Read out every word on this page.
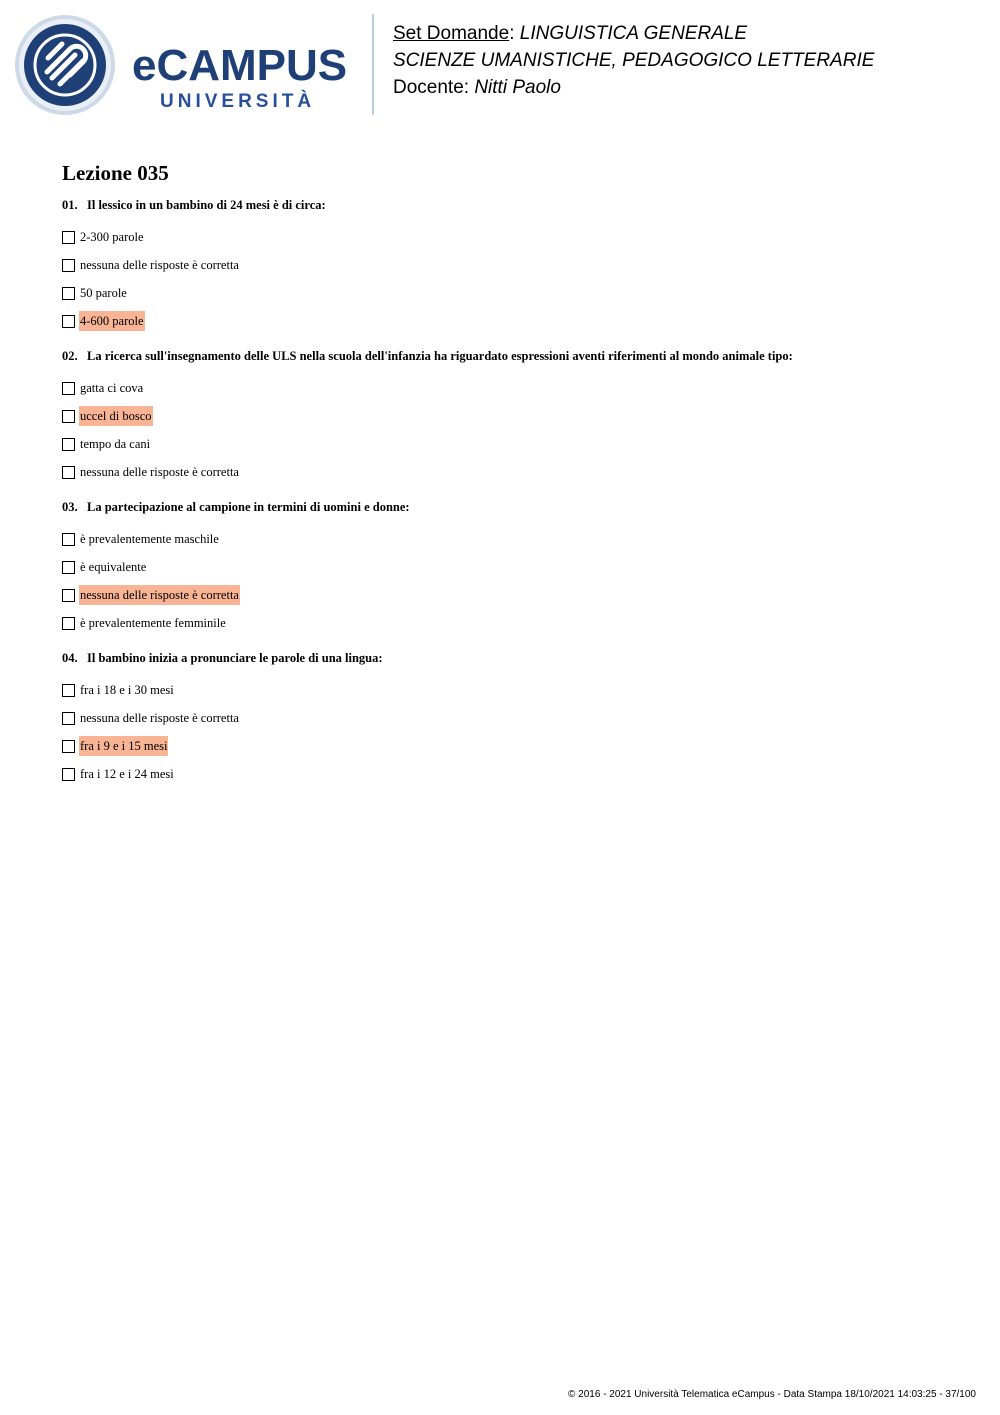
eCAMPUS
UNIVERSITÀ
Set Domande: LINGUISTICA GENERALE
SCIENZE UMANISTICHE, PEDAGOGICO LETTERARIE
Docente: Nitti Paolo
Lezione 035
01. Il lessico in un bambino di 24 mesi è di circa:
2-300 parole
nessuna delle risposte è corretta
50 parole
4-600 parole
02. La ricerca sull'insegnamento delle ULS nella scuola dell'infanzia ha riguardato espressioni aventi riferimenti al mondo animale tipo:
gatta ci cova
uccel di bosco
tempo da cani
nessuna delle risposte è corretta
03. La partecipazione al campione in termini di uomini e donne:
è prevalentemente maschile
è equivalente
nessuna delle risposte è corretta
è prevalentemente femminile
04. Il bambino inizia a pronunciare le parole di una lingua:
fra i 18 e i 30 mesi
nessuna delle risposte è corretta
fra i 9 e i 15 mesi
fra i 12 e i 24 mesi
© 2016 - 2021 Università Telematica eCampus - Data Stampa 18/10/2021 14:03:25 - 37/100
